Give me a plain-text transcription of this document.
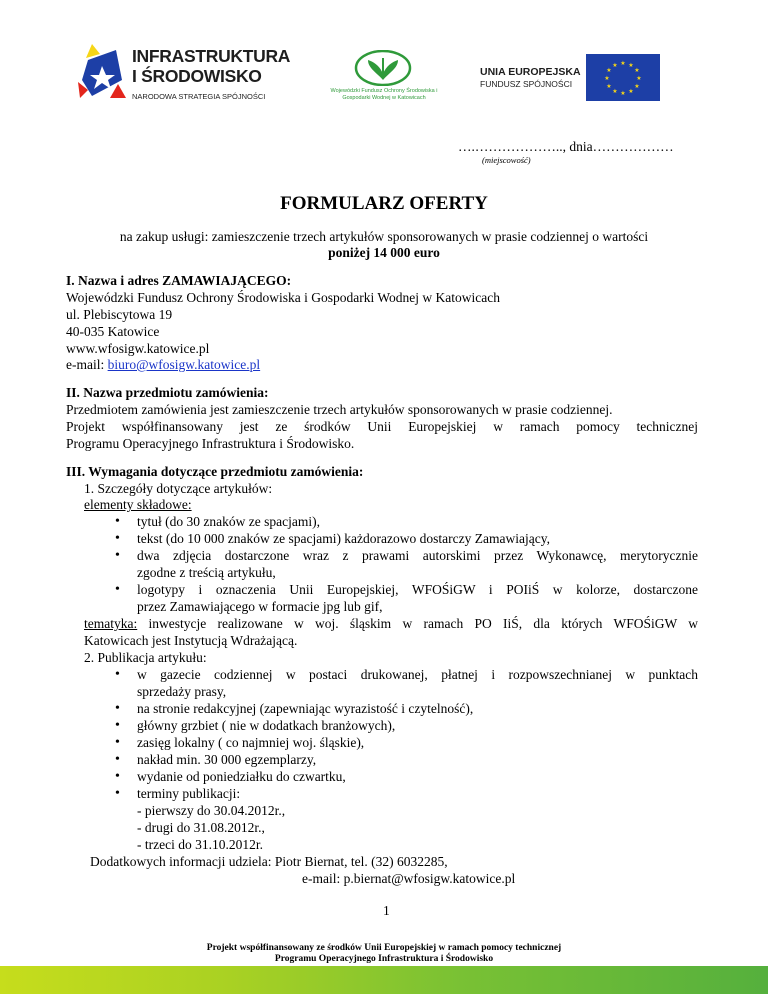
INFRASTRUKTURA
I ŚRODOWISKO
NARODOWA STRATEGIA SPÓJNOŚCI
Wojewódzki Fundusz Ochrony Środowiska i Gospodarki Wodnej w Katowicach
UNIA EUROPEJSKA
FUNDUSZ SPÓJNOŚCI
★ ★
★
★
★
★
★
★
★
★
★
★
….……………….., dnia………………
(miejscowość)
FORMULARZ OFERTY
na zakup usługi: zamieszczenie trzech artykułów sponsorowanych w prasie codziennej o wartości
poniżej 14 000 euro
I. Nazwa i adres ZAMAWIAJĄCEGO:
Wojewódzki Fundusz Ochrony Środowiska i Gospodarki Wodnej w Katowicach
ul. Plebiscytowa 19
40-035 Katowice
www.wfosigw.katowice.pl
e-mail: biuro@wfosigw.katowice.pl
II. Nazwa przedmiotu zamówienia:
Przedmiotem zamówienia jest zamieszczenie trzech artykułów sponsorowanych w prasie codziennej.
Projekt współfinansowany jest ze środków Unii Europejskiej w ramach pomocy technicznej
Programu Operacyjnego Infrastruktura i Środowisko.
III. Wymagania dotyczące przedmiotu zamówienia:
1. Szczegóły dotyczące artykułów:
elementy składowe:
• tytuł (do 30 znaków ze spacjami),
• tekst (do 10 000 znaków ze spacjami) każdorazowo dostarczy Zamawiający,
• dwa zdjęcia dostarczone wraz z prawami autorskimi przez Wykonawcę, merytorycznie
zgodne z treścią artykułu,
• logotypy i oznaczenia Unii Europejskiej, WFOŚiGW i POIiŚ w kolorze, dostarczone
przez Zamawiającego w formacie jpg lub gif,
tematyka: inwestycje realizowane w woj. śląskim w ramach PO IiŚ, dla których WFOŚiGW w
Katowicach jest Instytucją Wdrażającą.
2. Publikacja artykułu:
• w gazecie codziennej w postaci drukowanej, płatnej i rozpowszechnianej w punktach
sprzedaży prasy,
• na stronie redakcyjnej (zapewniając wyrazistość i czytelność),
• główny grzbiet ( nie w dodatkach branżowych),
• zasięg lokalny ( co najmniej woj. śląskie),
• nakład min. 30 000 egzemplarzy,
• wydanie od poniedziałku do czwartku,
• terminy publikacji:
- pierwszy do 30.04.2012r.,
- drugi do 31.08.2012r.,
- trzeci do 31.10.2012r.
Dodatkowych informacji udziela: Piotr Biernat, tel. (32) 6032285,
e-mail: p.biernat@wfosigw.katowice.pl
1
Projekt współfinansowany ze środków Unii Europejskiej w ramach pomocy technicznej
Programu Operacyjnego Infrastruktura i Środowisko
